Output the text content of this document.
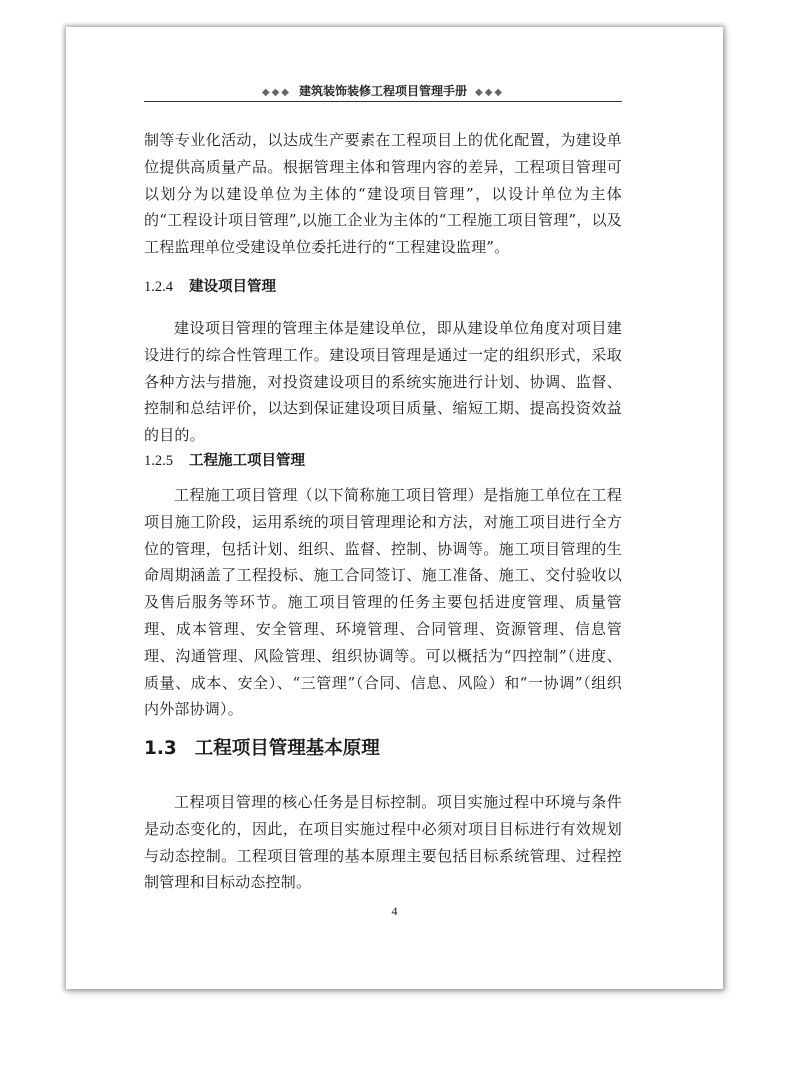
◆◆◆ 建筑装饰装修工程项目管理手册 ◆◆◆

制等专业化活动，以达成生产要素在工程项目上的优化配置，为建设单位提供高质量产品。根据管理主体和管理内容的差异，工程项目管理可以划分为以建设单位为主体的“建设项目管理”，以设计单位为主体的“工程设计项目管理”,以施工企业为主体的“工程施工项目管理”，以及工程监理单位受建设单位委托进行的“工程建设监理”。

1.2.4 建设项目管理

建设项目管理的管理主体是建设单位，即从建设单位角度对项目建设进行的综合性管理工作。建设项目管理是通过一定的组织形式，采取各种方法与措施，对投资建设项目的系统实施进行计划、协调、监督、控制和总结评价，以达到保证建设项目质量、缩短工期、提高投资效益的目的。

1.2.5 工程施工项目管理

工程施工项目管理（以下简称施工项目管理）是指施工单位在工程项目施工阶段，运用系统的项目管理理论和方法，对施工项目进行全方位的管理，包括计划、组织、监督、控制、协调等。施工项目管理的生命周期涵盖了工程投标、施工合同签订、施工准备、施工、交付验收以及售后服务等环节。施工项目管理的任务主要包括进度管理、质量管理、成本管理、安全管理、环境管理、合同管理、资源管理、信息管理、沟通管理、风险管理、组织协调等。可以概括为“四控制”（进度、质量、成本、安全）、“三管理”（合同、信息、风险）和“一协调”（组织内外部协调）。

1.3 工程项目管理基本原理

工程项目管理的核心任务是目标控制。项目实施过程中环境与条件是动态变化的，因此，在项目实施过程中必须对项目目标进行有效规划与动态控制。工程项目管理的基本原理主要包括目标系统管理、过程控制管理和目标动态控制。

4
